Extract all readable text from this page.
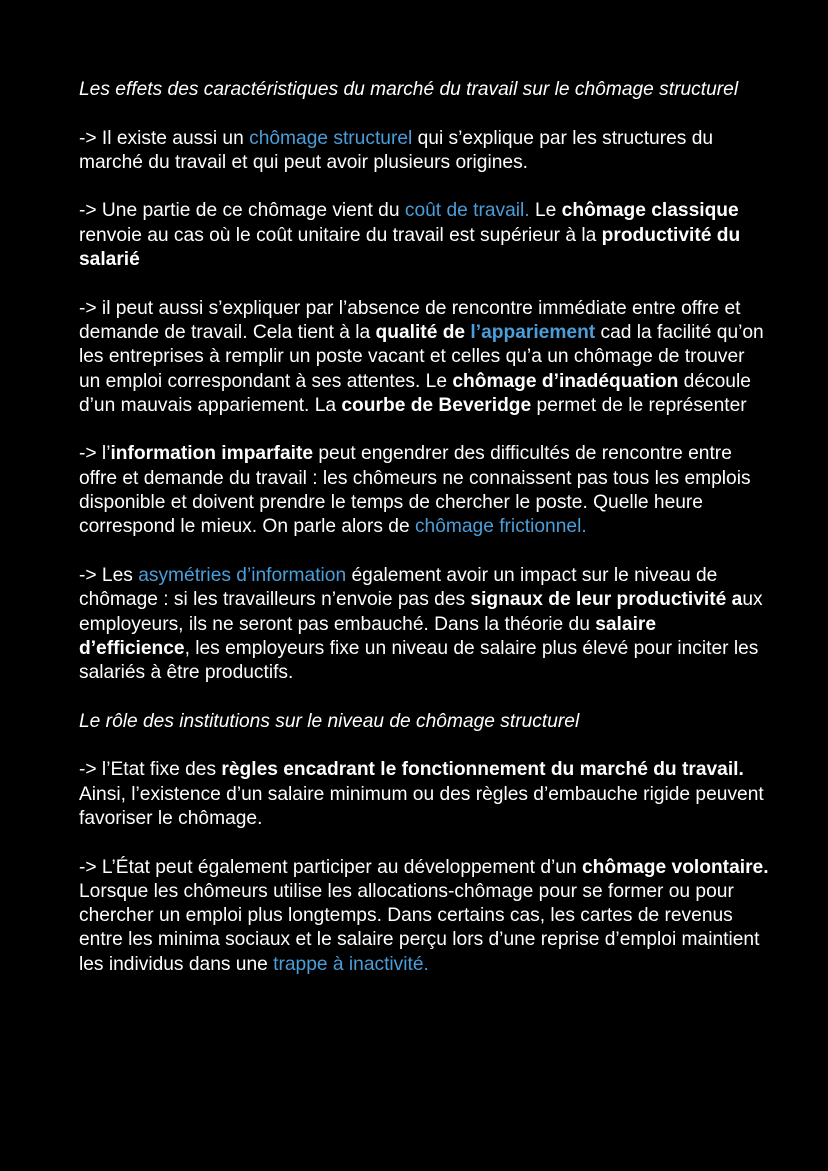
Les effets des caractéristiques du marché du travail sur le chômage structurel

-> Il existe aussi un chômage structurel qui s’explique par les structures du marché du travail et qui peut avoir plusieurs origines.

-> Une partie de ce chômage vient du coût de travail. Le chômage classique renvoie au cas où le coût unitaire du travail est supérieur à la productivité du salarié

-> il peut aussi s’expliquer par l’absence de rencontre immédiate entre offre et demande de travail. Cela tient à la qualité de l’appariement cad la facilité qu’on les entreprises à remplir un poste vacant et celles qu’a un chômage de trouver un emploi correspondant à ses attentes. Le chômage d’inadéquation découle d’un mauvais appariement. La courbe de Beveridge permet de le représenter

-> l’information imparfaite peut engendrer des difficultés de rencontre entre offre et demande du travail : les chômeurs ne connaissent pas tous les emplois disponible et doivent prendre le temps de chercher le poste. Quelle heure correspond le mieux. On parle alors de chômage frictionnel.

-> Les asymétries d’information également avoir un impact sur le niveau de chômage : si les travailleurs n’envoie pas des signaux de leur productivité aux employeurs, ils ne seront pas embauché. Dans la théorie du salaire d’efficience, les employeurs fixe un niveau de salaire plus élevé pour inciter les salariés à être productifs.

Le rôle des institutions sur le niveau de chômage structurel

-> l’Etat fixe des règles encadrant le fonctionnement du marché du travail. Ainsi, l’existence d’un salaire minimum ou des règles d’embauche rigide peuvent favoriser le chômage.

-> L’État peut également participer au développement d’un chômage volontaire. Lorsque les chômeurs utilise les allocations-chômage pour se former ou pour chercher un emploi plus longtemps. Dans certains cas, les cartes de revenus entre les minima sociaux et le salaire perçu lors d’une reprise d’emploi maintient les individus dans une trappe à inactivité.
